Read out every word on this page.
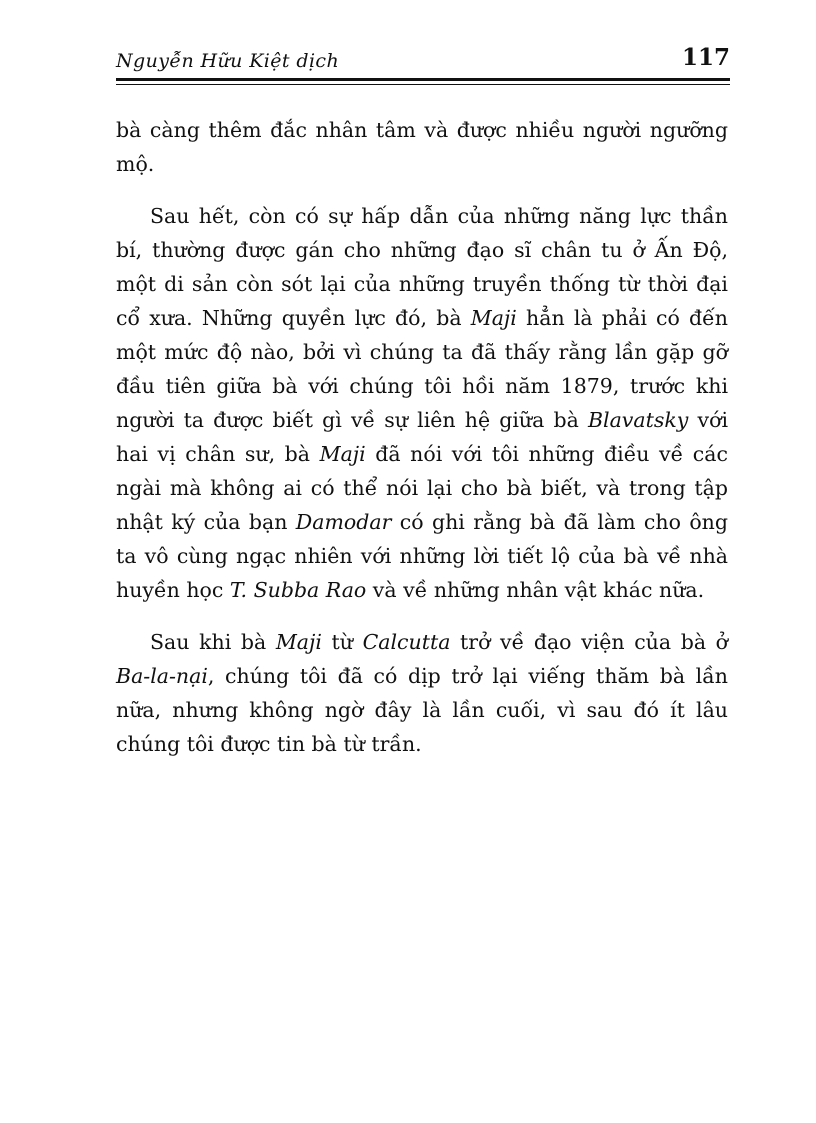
Nguyễn Hữu Kiệt dịch	117

bà càng thêm đắc nhân tâm và được nhiều người ngưỡng mộ.

Sau hết, còn có sự hấp dẫn của những năng lực thần bí, thường được gán cho những đạo sĩ chân tu ở Ấn Độ, một di sản còn sót lại của những truyền thống từ thời đại cổ xưa. Những quyền lực đó, bà Maji hẳn là phải có đến một mức độ nào, bởi vì chúng ta đã thấy rằng lần gặp gỡ đầu tiên giữa bà với chúng tôi hồi năm 1879, trước khi người ta được biết gì về sự liên hệ giữa bà Blavatsky với hai vị chân sư, bà Maji đã nói với tôi những điều về các ngài mà không ai có thể nói lại cho bà biết, và trong tập nhật ký của bạn Damodar có ghi rằng bà đã làm cho ông ta vô cùng ngạc nhiên với những lời tiết lộ của bà về nhà huyền học T. Subba Rao và về những nhân vật khác nữa.

Sau khi bà Maji từ Calcutta trở về đạo viện của bà ở Ba-la-nại, chúng tôi đã có dịp trở lại viếng thăm bà lần nữa, nhưng không ngờ đây là lần cuối, vì sau đó ít lâu chúng tôi được tin bà từ trần.
